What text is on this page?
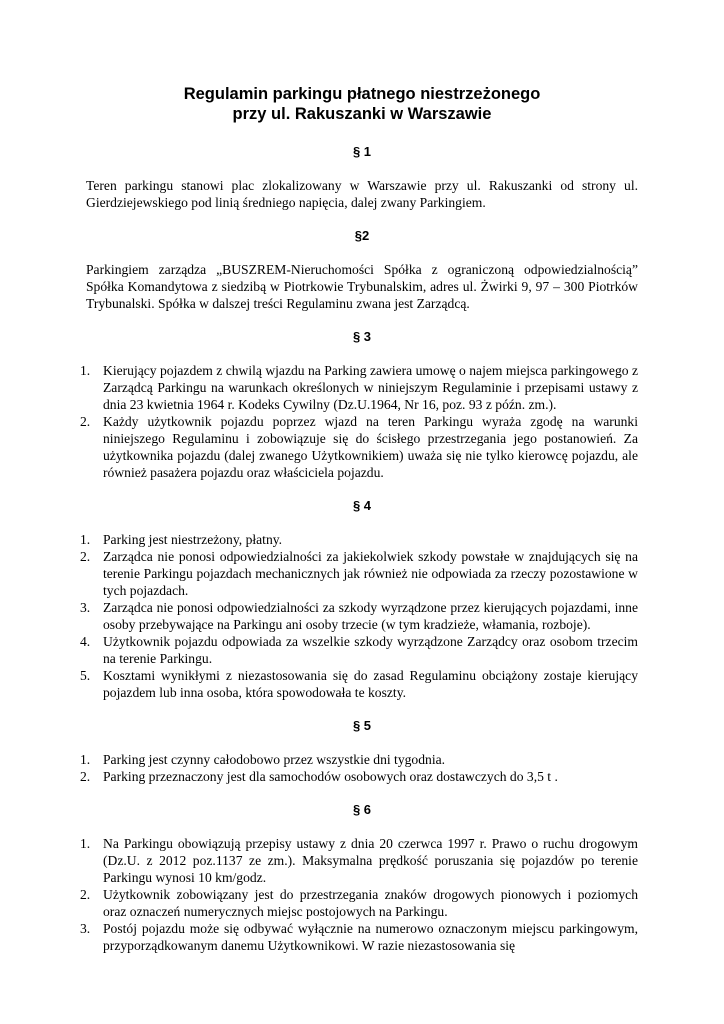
Regulamin parkingu płatnego niestrzeżonego
przy ul. Rakuszanki w Warszawie
§ 1

Teren parkingu stanowi plac zlokalizowany w Warszawie przy ul. Rakuszanki od strony ul. Gierdziejewskiego pod linią średniego napięcia, dalej zwany Parkingiem.

§2

Parkingiem zarządza „BUSZREM-Nieruchomości Spółka z ograniczoną odpowiedzialnością” Spółka Komandytowa z siedzibą w Piotrkowie Trybunalskim, adres ul. Żwirki 9, 97 – 300 Piotrków Trybunalski. Spółka w dalszej treści Regulaminu zwana jest Zarządcą.

§ 3
1. Kierujący pojazdem z chwilą wjazdu na Parking zawiera umowę o najem miejsca parkingowego z Zarządcą Parkingu na warunkach określonych w niniejszym Regulaminie i przepisami ustawy z dnia 23 kwietnia 1964 r. Kodeks Cywilny (Dz.U.1964, Nr 16, poz. 93 z późn. zm.).
2. Każdy użytkownik pojazdu poprzez wjazd na teren Parkingu wyraża zgodę na warunki niniejszego Regulaminu i zobowiązuje się do ścisłego przestrzegania jego postanowień. Za użytkownika pojazdu (dalej zwanego Użytkownikiem) uważa się nie tylko kierowcę pojazdu, ale również pasażera pojazdu oraz właściciela pojazdu.
§ 4
1. Parking jest niestrzeżony, płatny.
2. Zarządca nie ponosi odpowiedzialności za jakiekolwiek szkody powstałe w znajdujących się na terenie Parkingu pojazdach mechanicznych jak również nie odpowiada za rzeczy pozostawione w tych pojazdach.
3. Zarządca nie ponosi odpowiedzialności za szkody wyrządzone przez kierujących pojazdami, inne osoby przebywające na Parkingu ani osoby trzecie (w tym kradzieże, włamania, rozboje).
4. Użytkownik pojazdu odpowiada za wszelkie szkody wyrządzone Zarządcy oraz osobom trzecim na terenie Parkingu.
5. Kosztami wynikłymi z niezastosowania się do zasad Regulaminu obciążony zostaje kierujący pojazdem lub inna osoba, która spowodowała te koszty.
§ 5
1. Parking jest czynny całodobowo przez wszystkie dni tygodnia.
2. Parking przeznaczony jest dla samochodów osobowych oraz dostawczych do 3,5 t .
§ 6
1. Na Parkingu obowiązują przepisy ustawy z dnia 20 czerwca 1997 r. Prawo o ruchu drogowym (Dz.U. z 2012 poz.1137 ze zm.). Maksymalna prędkość poruszania się pojazdów po terenie Parkingu wynosi 10 km/godz.
2. Użytkownik zobowiązany jest do przestrzegania znaków drogowych pionowych i poziomych oraz oznaczeń numerycznych miejsc postojowych na Parkingu.
3. Postój pojazdu może się odbywać wyłącznie na numerowo oznaczonym miejscu parkingowym, przyporządkowanym danemu Użytkownikowi. W razie niezastosowania się
